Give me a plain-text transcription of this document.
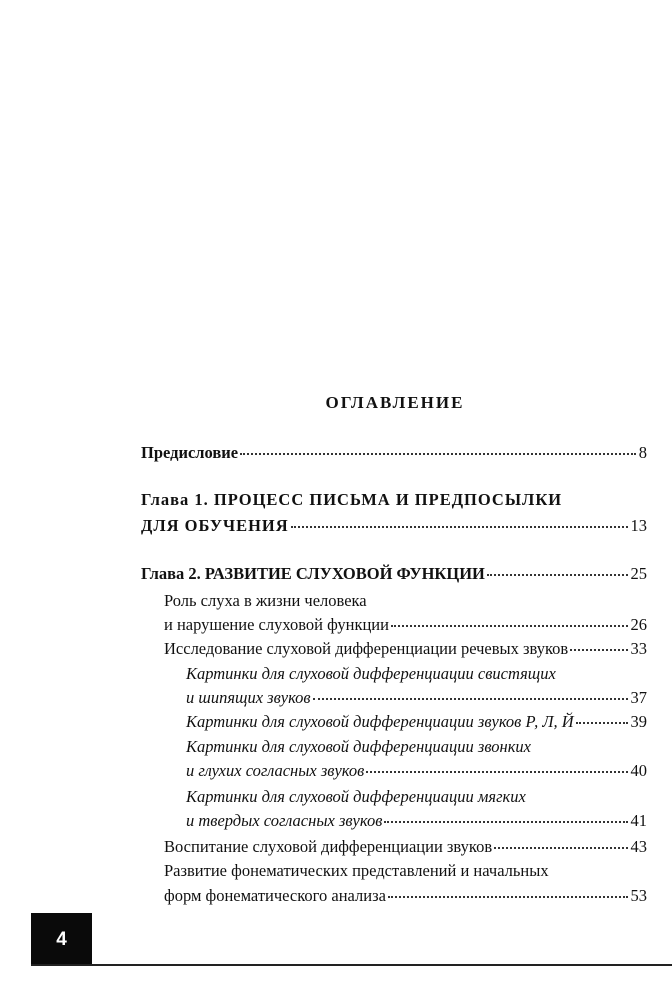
ОГЛАВЛЕНИЕ
Предисловие	8
Глава 1. ПРОЦЕСС ПИСЬМА И ПРЕДПОСЫЛКИ
ДЛЯ ОБУЧЕНИЯ	13
Глава 2. РАЗВИТИЕ СЛУХОВОЙ ФУНКЦИИ	25
Роль слуха в жизни человека
и нарушение слуховой функции	26
Исследование слуховой дифференциации речевых звуков	33
Картинки для слуховой дифференциации свистящих
и шипящих звуков	37
Картинки для слуховой дифференциации звуков Р, Л, Й	39
Картинки для слуховой дифференциации звонких
и глухих согласных звуков	40
Картинки для слуховой дифференциации мягких
и твердых согласных звуков	41
Воспитание слуховой дифференциации звуков	43
Развитие фонематических представлений и начальных
форм фонематического анализа	53
4
